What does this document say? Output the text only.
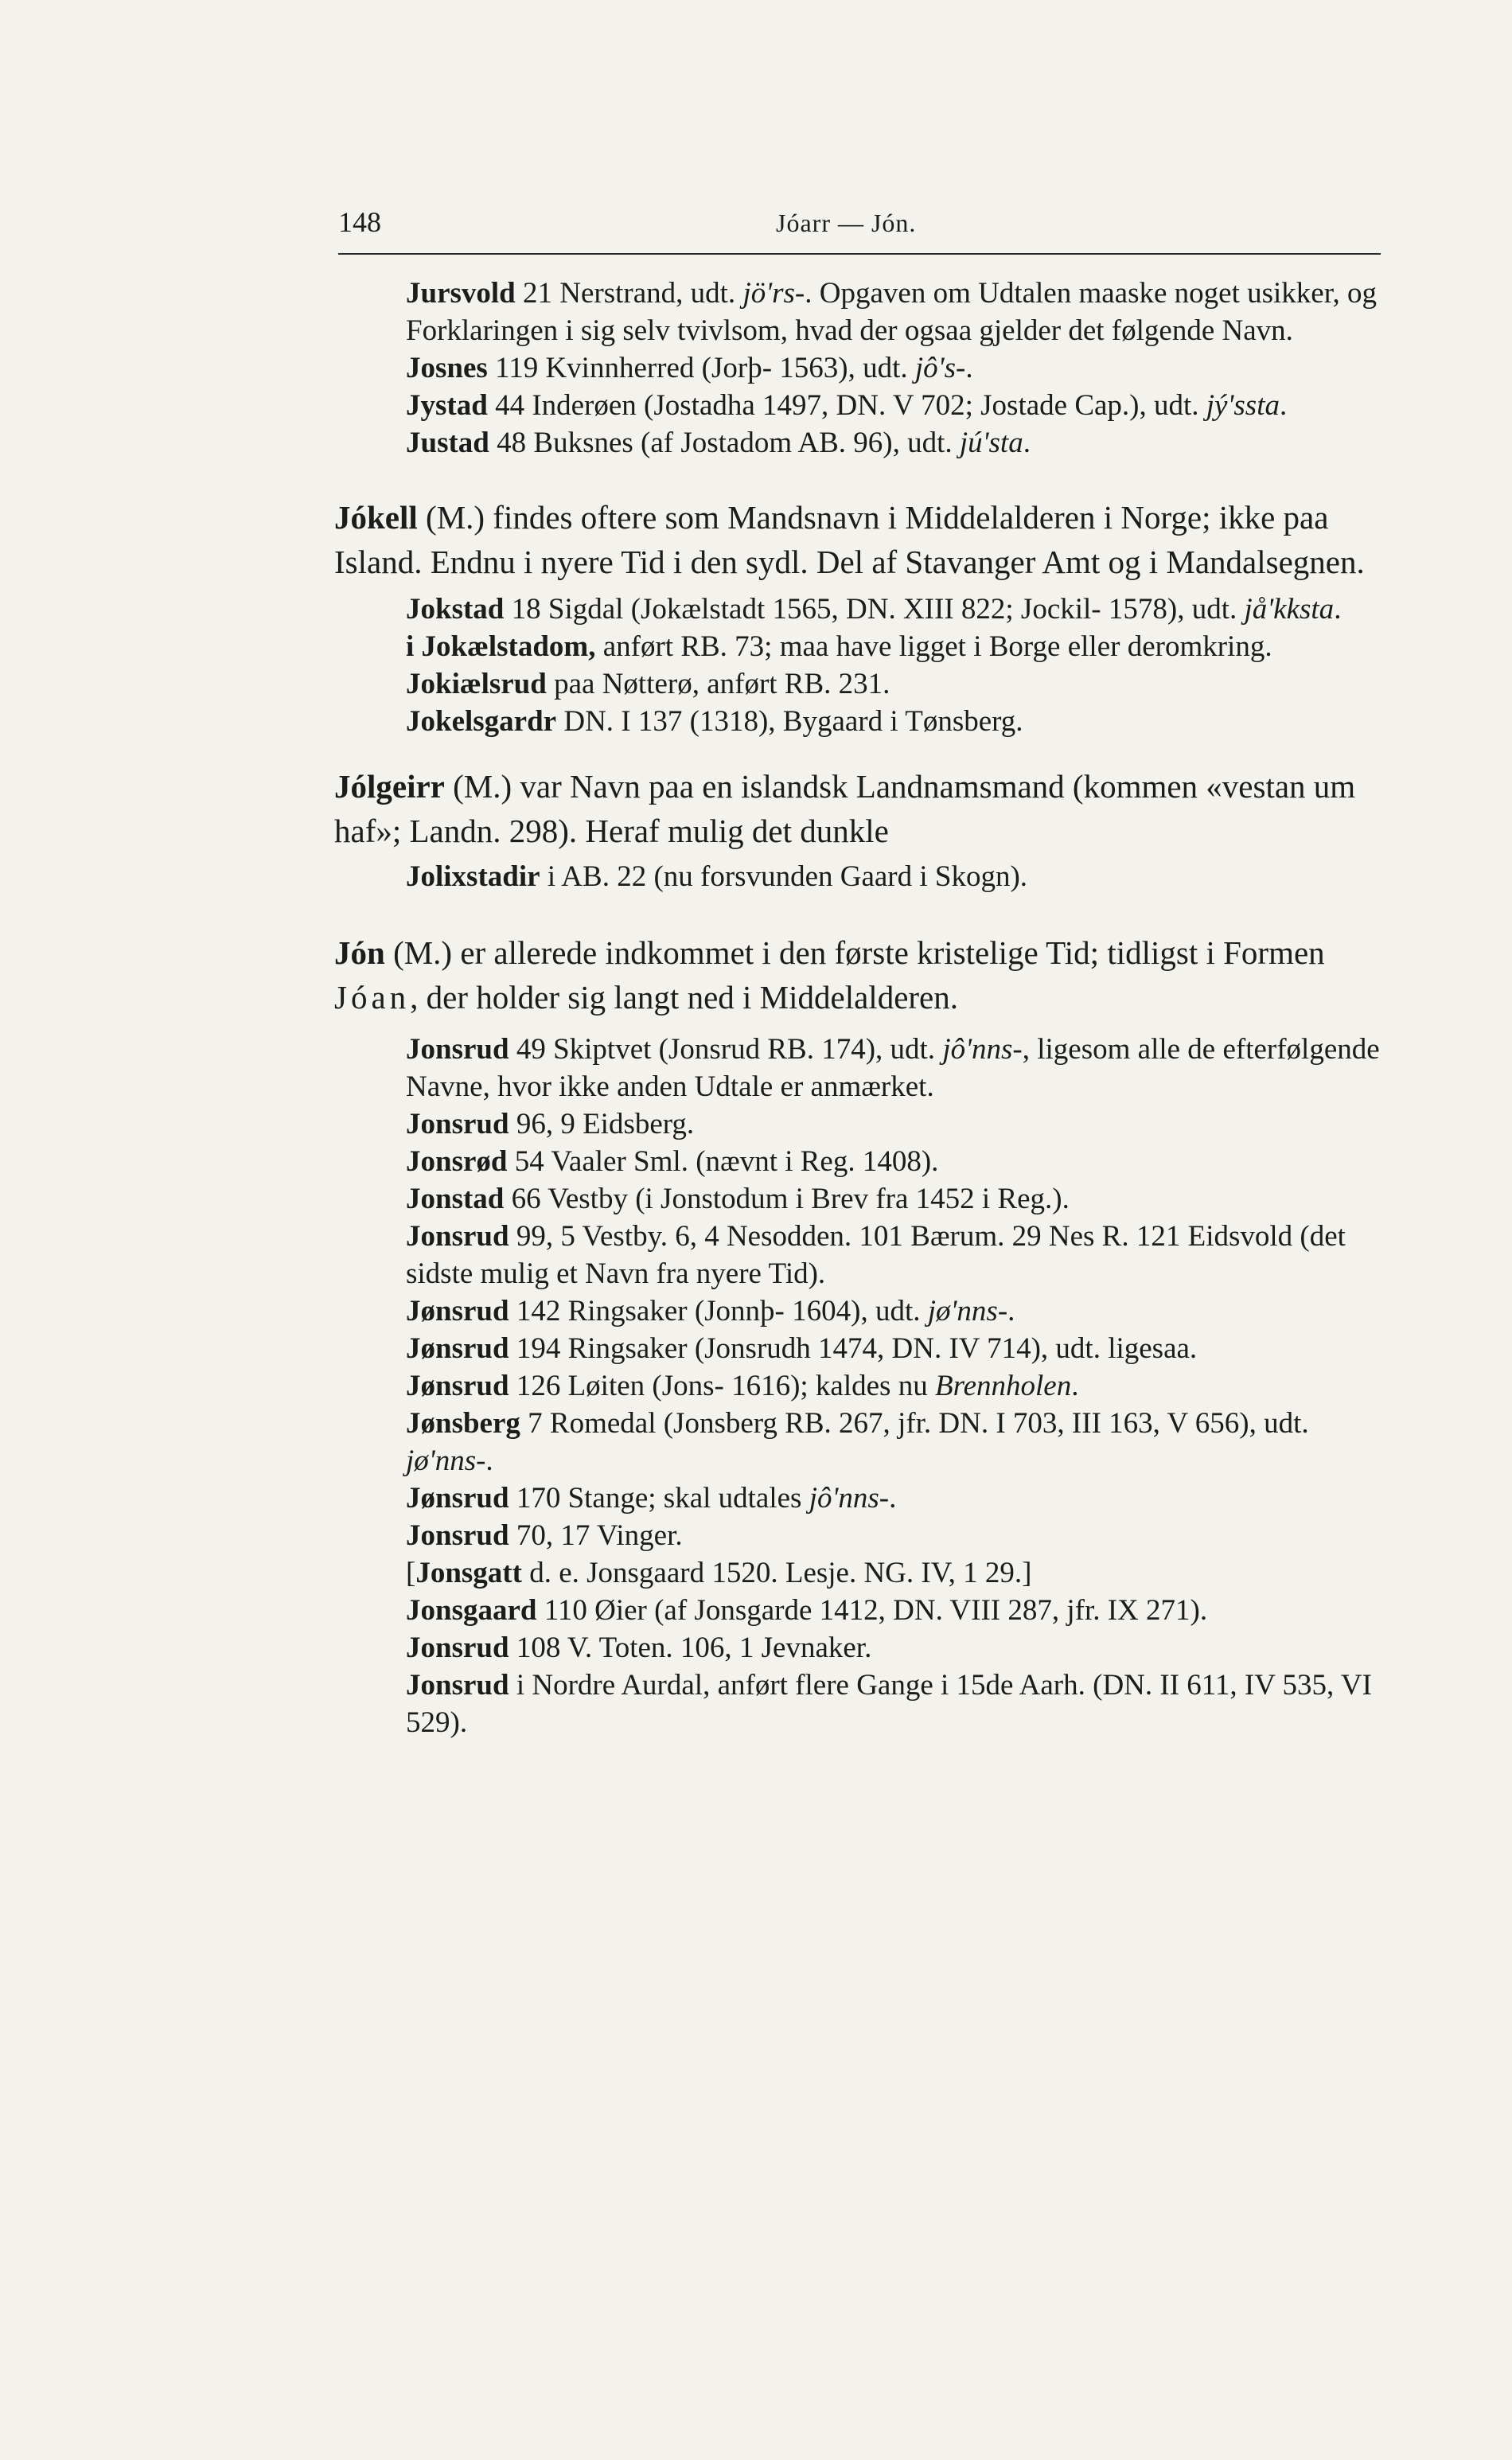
148	Jóarr — Jón.

Jursvold 21 Nerstrand, udt. jö'rs-. Opgaven om Udtalen maaske noget usikker, og Forklaringen i sig selv tvivlsom, hvad der ogsaa gjelder det følgende Navn.

Josnes 119 Kvinnherred (Jorþ- 1563), udt. jô's-.

Jystad 44 Inderøen (Jostadha 1497, DN. V 702; Jostade Cap.), udt. jý'ssta.

Justad 48 Buksnes (af Jostadom AB. 96), udt. jú'sta.

Jókell (M.) findes oftere som Mandsnavn i Middelalderen i Norge; ikke paa Island. Endnu i nyere Tid i den sydl. Del af Stavanger Amt og i Mandalsegnen.

Jokstad 18 Sigdal (Jokælstadt 1565, DN. XIII 822; Jockil- 1578), udt. jå'kksta.

i Jokælstadom, anført RB. 73; maa have ligget i Borge eller deromkring.

Jokiælsrud paa Nøtterø, anført RB. 231.

Jokelsgardr DN. I 137 (1318), Bygaard i Tønsberg.

Jólgeirr (M.) var Navn paa en islandsk Landnamsmand (kommen «vestan um haf»; Landn. 298). Heraf mulig det dunkle

Jolixstadir i AB. 22 (nu forsvunden Gaard i Skogn).

Jón (M.) er allerede indkommet i den første kristelige Tid; tidligst i Formen Jóan, der holder sig langt ned i Middelalderen.

Jonsrud 49 Skiptvet (Jonsrud RB. 174), udt. jô'nns-, ligesom alle de efterfølgende Navne, hvor ikke anden Udtale er anmærket.

Jonsrud 96, 9 Eidsberg.

Jonsrød 54 Vaaler Sml. (nævnt i Reg. 1408).

Jonstad 66 Vestby (i Jonstodum i Brev fra 1452 i Reg.).

Jonsrud 99, 5 Vestby. 6, 4 Nesodden. 101 Bærum. 29 Nes R. 121 Eidsvold (det sidste mulig et Navn fra nyere Tid).

Jønsrud 142 Ringsaker (Jonnþ- 1604), udt. jø'nns-.

Jønsrud 194 Ringsaker (Jonsrudh 1474, DN. IV 714), udt. ligesaa.

Jønsrud 126 Løiten (Jons- 1616); kaldes nu Brennholen.

Jønsberg 7 Romedal (Jonsberg RB. 267, jfr. DN. I 703, III 163, V 656), udt. jø'nns-.

Jønsrud 170 Stange; skal udtales jô'nns-.

Jonsrud 70, 17 Vinger.

[Jonsgatt d. e. Jonsgaard 1520. Lesje. NG. IV, 1 29.]

Jonsgaard 110 Øier (af Jonsgarde 1412, DN. VIII 287, jfr. IX 271).

Jonsrud 108 V. Toten. 106, 1 Jevnaker.

Jonsrud i Nordre Aurdal, anført flere Gange i 15de Aarh. (DN. II 611, IV 535, VI 529).
